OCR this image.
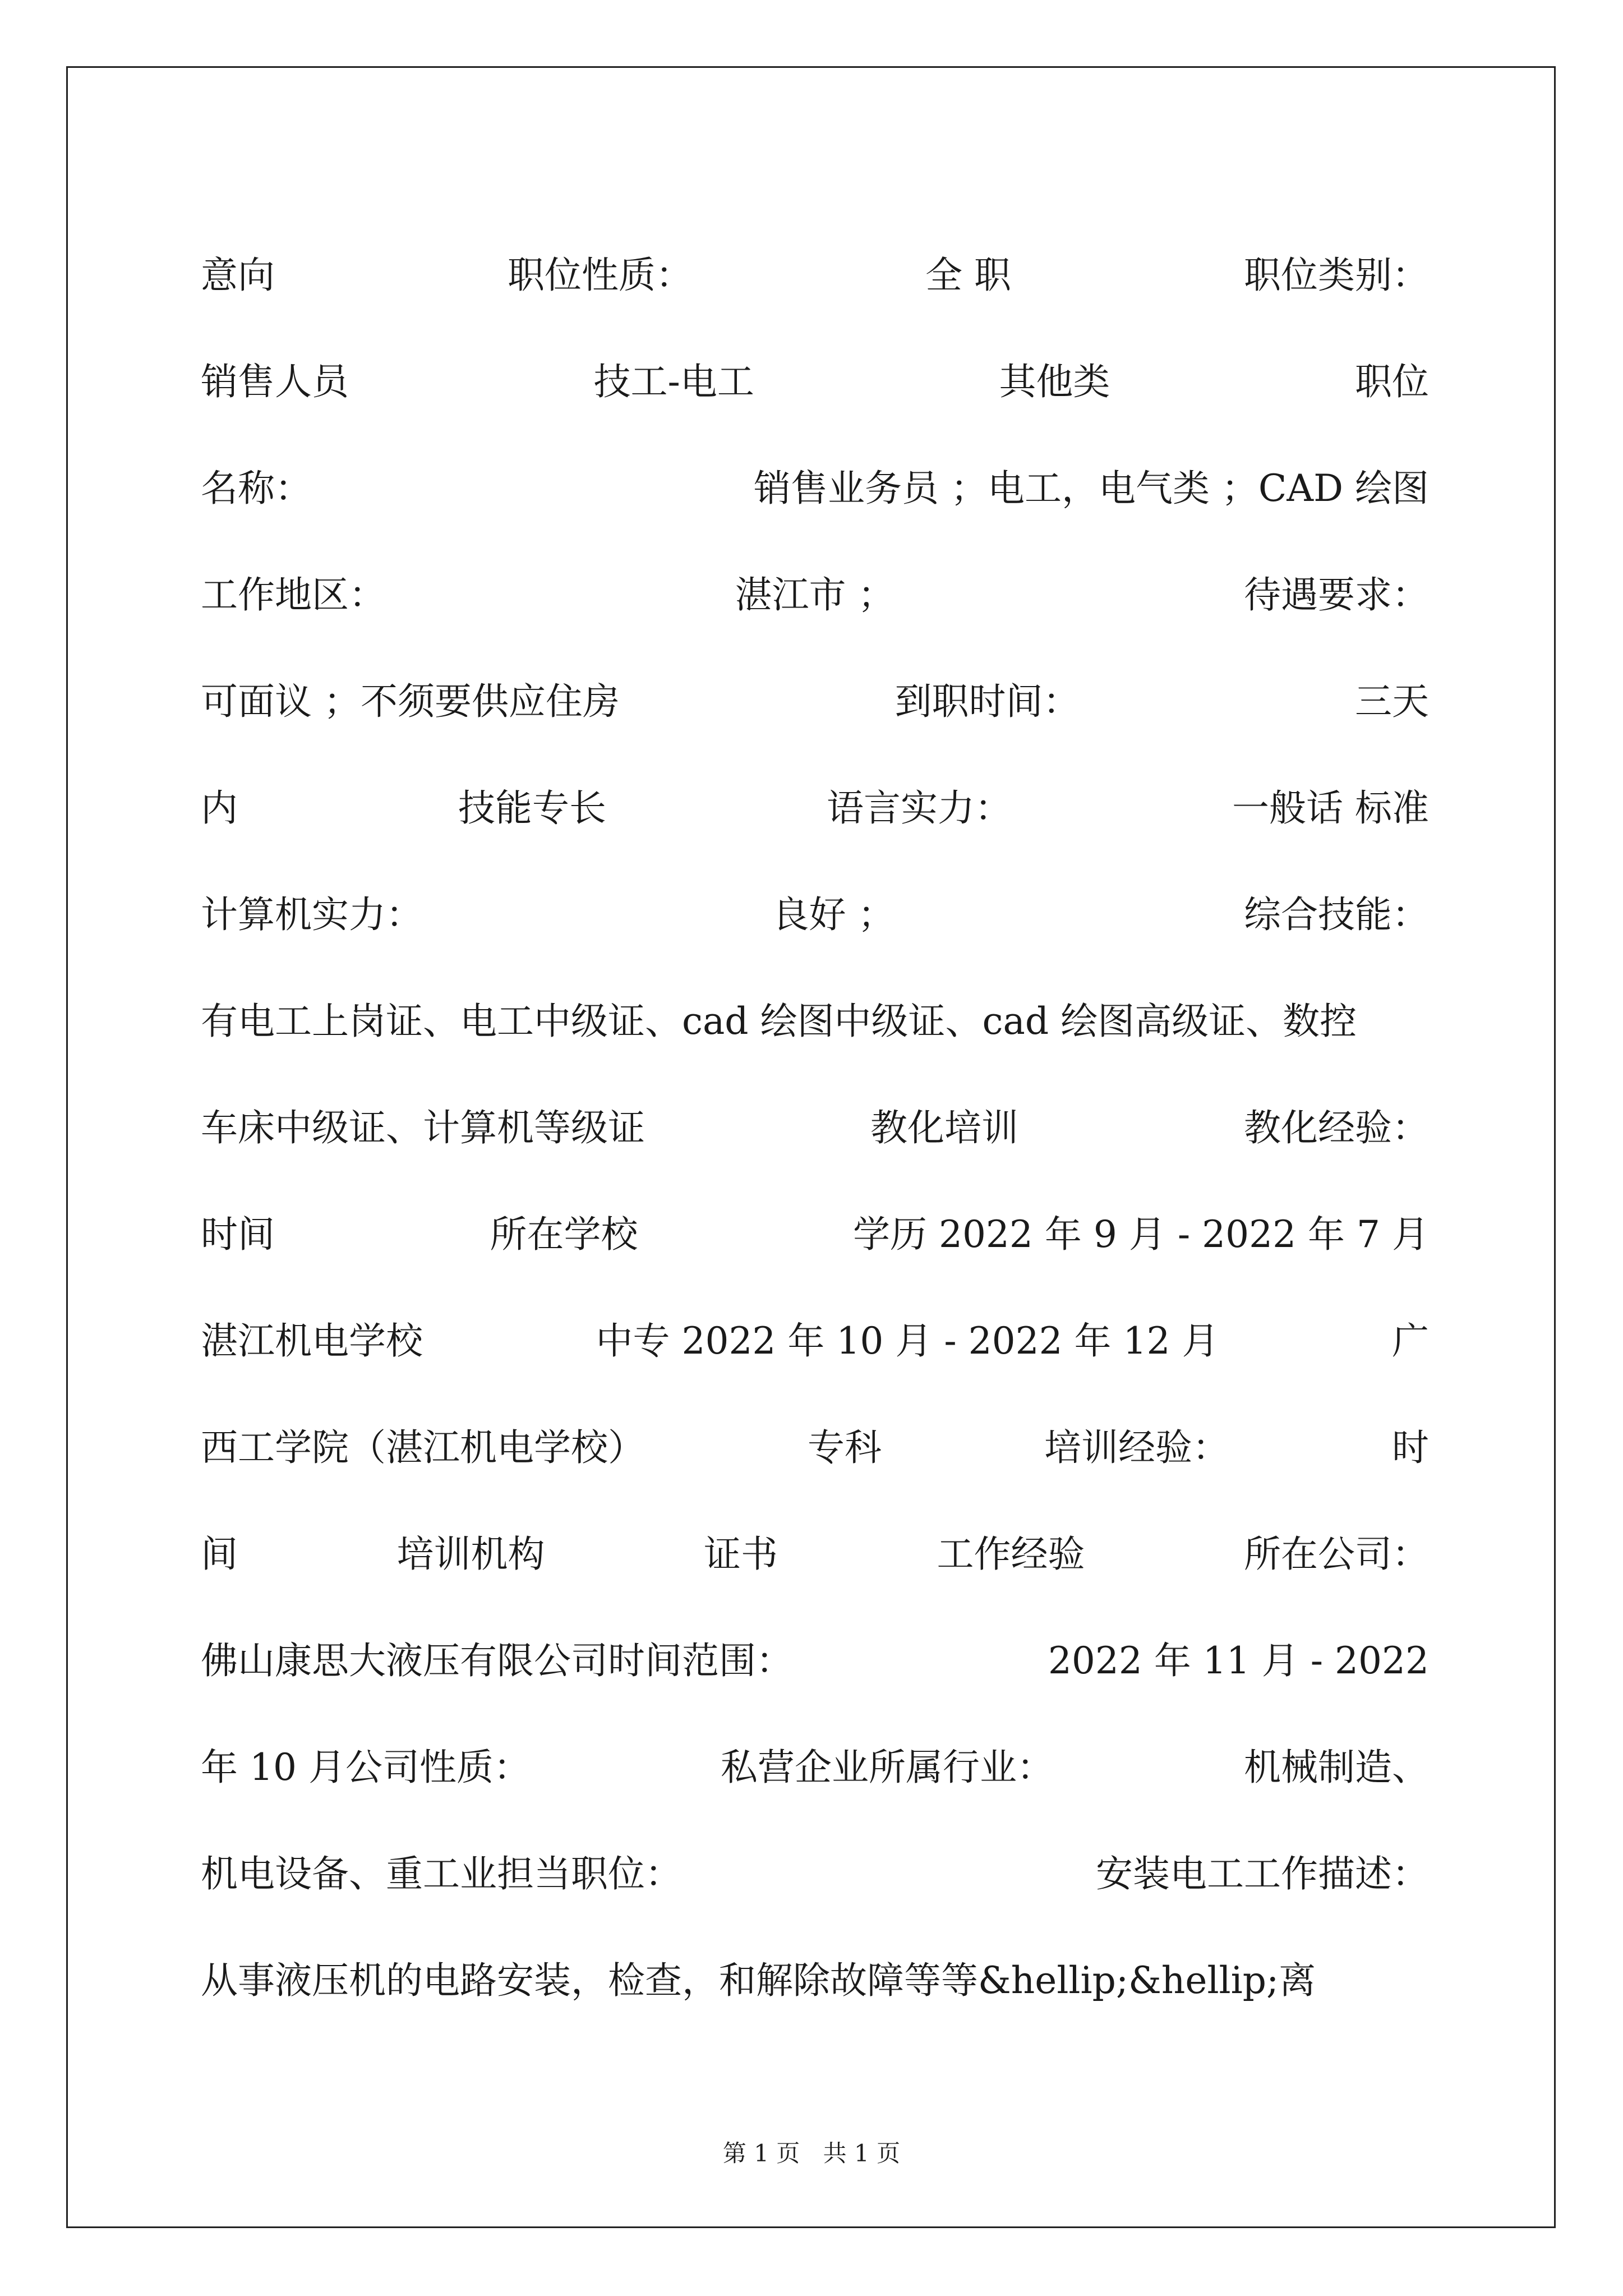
意向	职位性质：	全 职	职位类别：
销售人员	技工-电工	其他类	职位
名称：	销售业务员 ；电工，电气类 ；CAD 绘图
工作地区：	湛江市 ；	待遇要求：
可面议 ；不须要供应住房	到职时间：	三天
内	技能专长	语言实力：	一般话 标准
计算机实力：	良好 ；	综合技能：
有电工上岗证、电工中级证、cad 绘图中级证、cad 绘图高级证、数控
车床中级证、计算机等级证	教化培训	教化经验：
时间	所在学校	学历 2022 年 9 月 - 2022 年 7 月
湛江机电学校	中专 2022 年 10 月 - 2022 年 12 月	广
西工学院（湛江机电学校）	专科	培训经验：	时
间	培训机构	证书	工作经验	所在公司：
佛山康思大液压有限公司时间范围：	2022 年 11 月 - 2022
年 10 月公司性质：	私营企业所属行业：	机械制造、
机电设备、重工业担当职位：	安装电工工作描述：
从事液压机的电路安装，检查，和解除故障等等&hellip;&hellip;离
第 1 页 共 1 页
